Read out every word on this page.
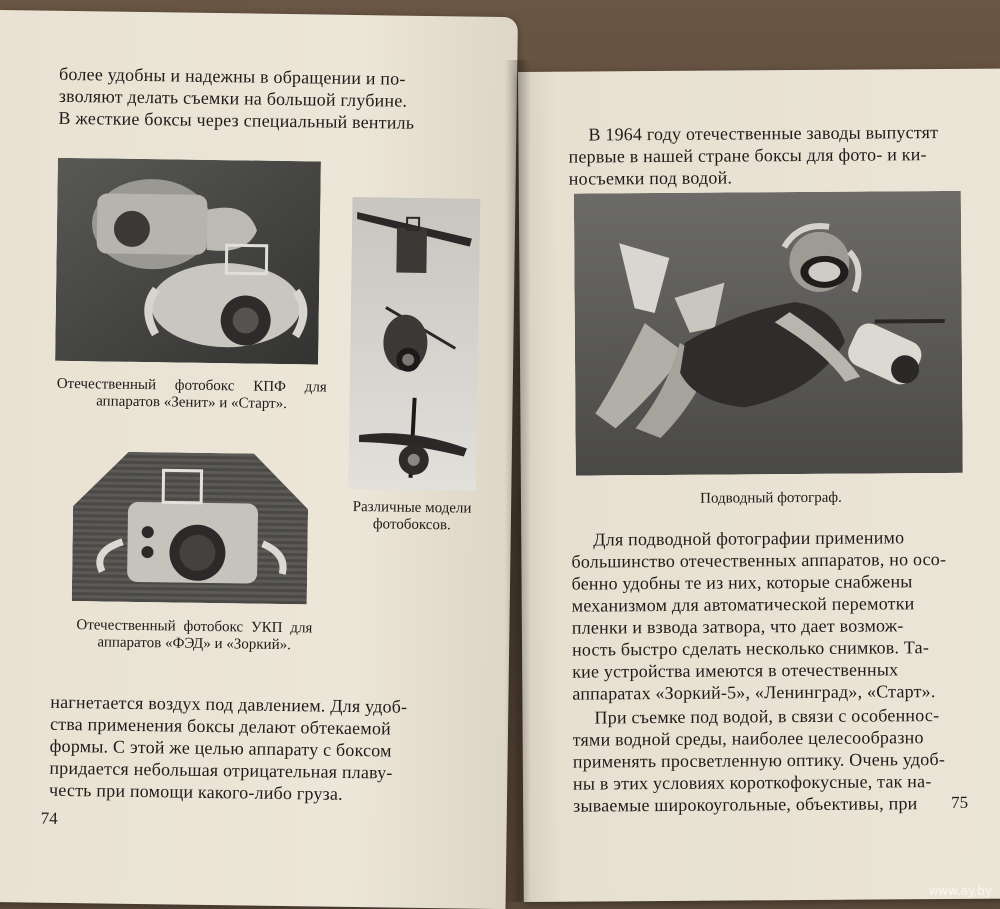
более удобны и надежны в обращении и по-

зволяют делать съемки на большой глубине.

В жесткие боксы через специальный вентиль

Отечественный фотобокс КПФ для аппаратов «Зенит» и «Старт».
Различные модели фотобоксов.
Отечественный фотобокс УКП для аппаратов «ФЭД» и «Зоркий».

нагнетается воздух под давлением. Для удоб-

ства применения боксы делают обтекаемой

формы. С этой же целью аппарату с боксом

придается небольшая отрицательная плаву-

честь при помощи какого-либо груза.

74

В 1964 году отечественные заводы выпустят

первые в нашей стране боксы для фото- и ки-

носъемки под водой.

Подводный фотограф.

Для подводной фотографии применимо

большинство отечественных аппаратов, но осо-

бенно удобны те из них, которые снабжены

механизмом для автоматической перемотки

пленки и взвода затвора, что дает возмож-

ность быстро сделать несколько снимков. Та-

кие устройства имеются в отечественных

аппаратах «Зоркий-5», «Ленинград», «Старт».

При съемке под водой, в связи с особеннос-

тями водной среды, наиболее целесообразно

применять просветленную оптику. Очень удоб-

ны в этих условиях короткофокусные, так на-

зываемые широкоугольные, объективы, при	75
www.ay.by
